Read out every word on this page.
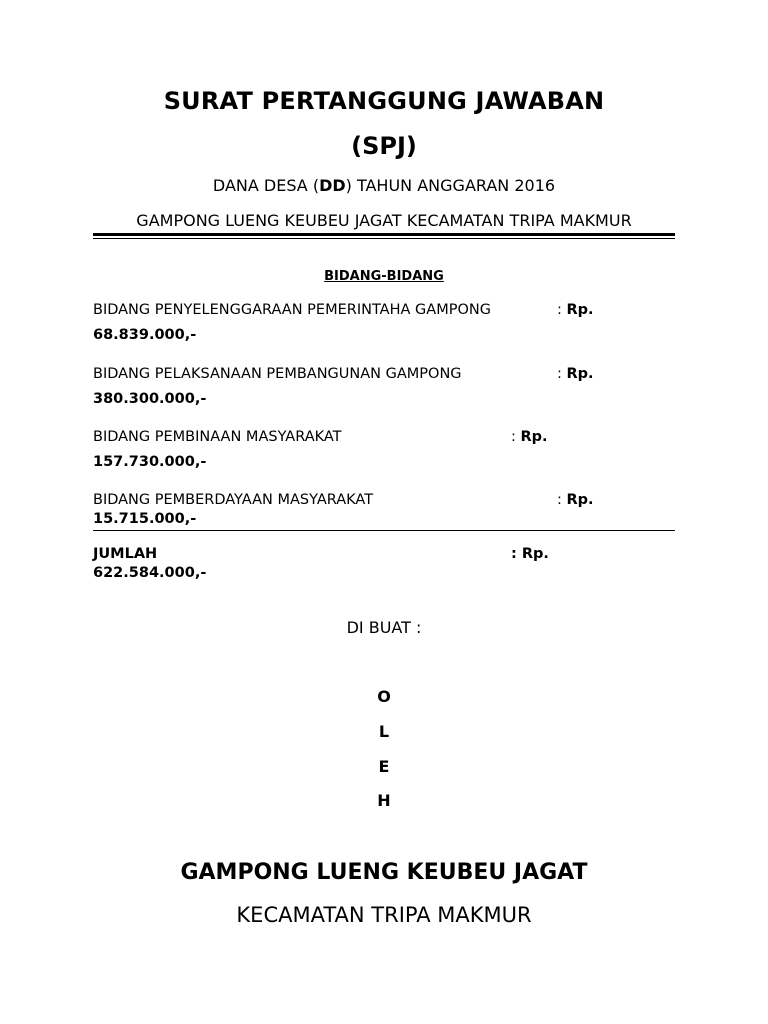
SURAT PERTANGGUNG JAWABAN
(SPJ)
DANA DESA (DD) TAHUN ANGGARAN 2016
GAMPONG LUENG KEUBEU JAGAT KECAMATAN TRIPA MAKMUR
BIDANG-BIDANG
BIDANG PENYELENGGARAAN PEMERINTAHA GAMPONG	: Rp.
68.839.000,-
BIDANG PELAKSANAAN PEMBANGUNAN GAMPONG	: Rp.
380.300.000,-
BIDANG PEMBINAAN MASYARAKAT	: Rp.
157.730.000,-
BIDANG PEMBERDAYAAN MASYARAKAT	: Rp.
15.715.000,-
JUMLAH	: Rp.
622.584.000,-
DI BUAT :
O
L
E
H
GAMPONG LUENG KEUBEU JAGAT
KECAMATAN TRIPA MAKMUR
